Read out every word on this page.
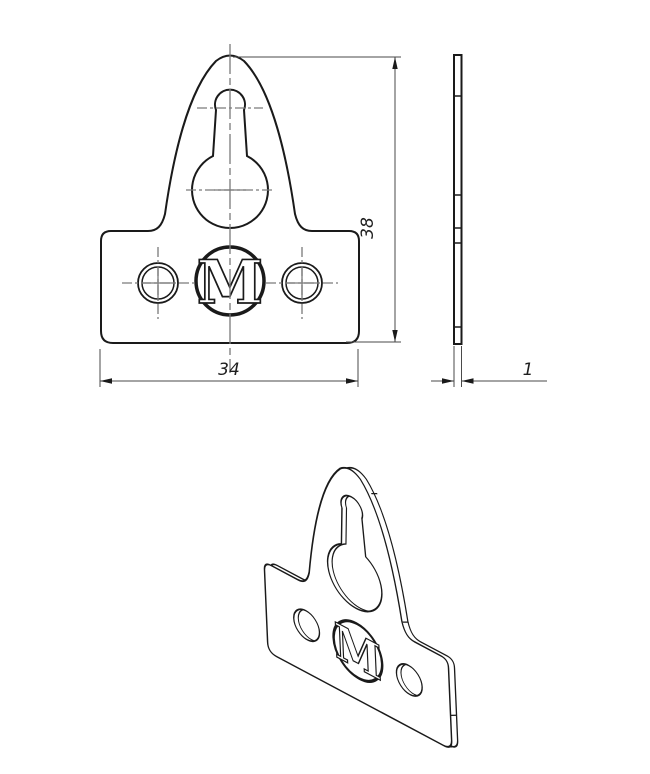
34
38
1
